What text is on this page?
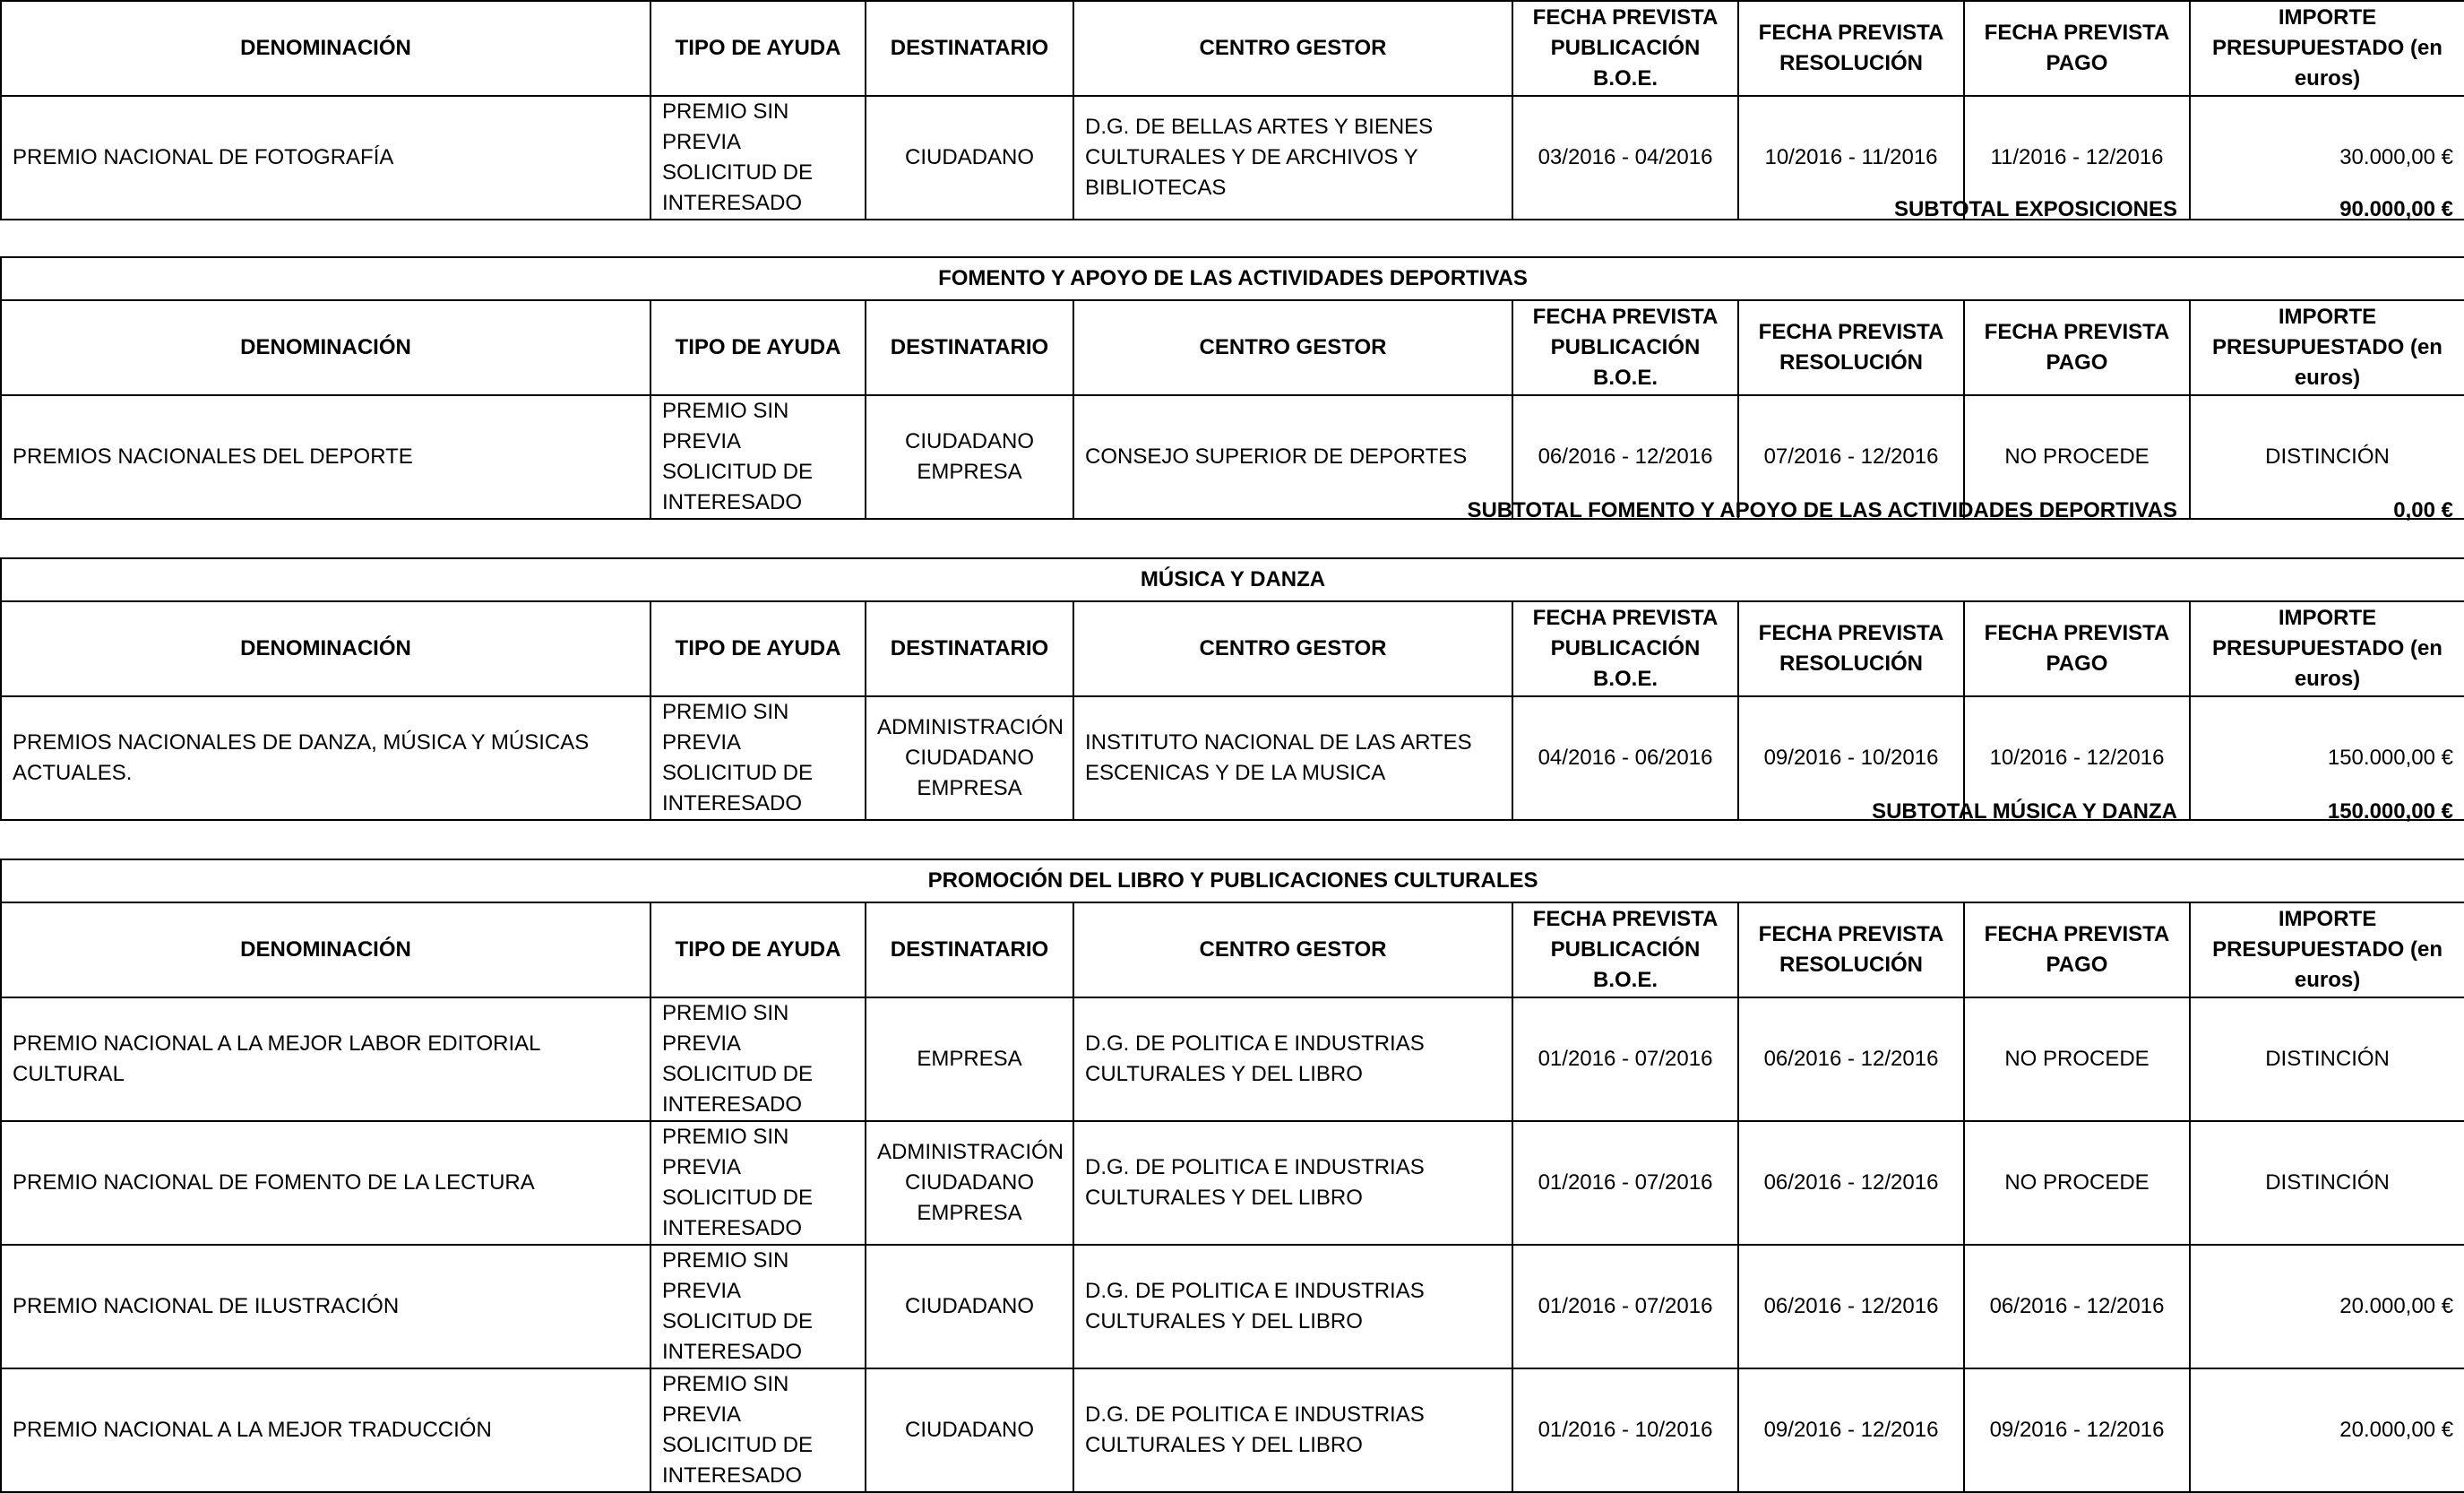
DENOMINACIÓN	TIPO DE AYUDA	DESTINATARIO	CENTRO GESTOR	FECHA PREVISTA PUBLICACIÓN B.O.E.	FECHA PREVISTA RESOLUCIÓN	FECHA PREVISTA PAGO	IMPORTE PRESUPUESTADO (en euros)
PREMIO NACIONAL DE FOTOGRAFÍA	PREMIO SIN PREVIA SOLICITUD DE INTERESADO	CIUDADANO	D.G. DE BELLAS ARTES Y BIENES CULTURALES Y DE ARCHIVOS Y BIBLIOTECAS	03/2016 - 04/2016	10/2016 - 11/2016	11/2016 - 12/2016	30.000,00 €
SUBTOTAL EXPOSICIONES	90.000,00 €
FOMENTO Y APOYO DE LAS ACTIVIDADES DEPORTIVAS							
DENOMINACIÓN	TIPO DE AYUDA	DESTINATARIO	CENTRO GESTOR	FECHA PREVISTA PUBLICACIÓN B.O.E.	FECHA PREVISTA RESOLUCIÓN	FECHA PREVISTA PAGO	IMPORTE PRESUPUESTADO (en euros)
PREMIOS NACIONALES DEL DEPORTE	PREMIO SIN PREVIA SOLICITUD DE INTERESADO	CIUDADANO EMPRESA	CONSEJO SUPERIOR DE DEPORTES	06/2016 - 12/2016	07/2016 - 12/2016	NO PROCEDE	DISTINCIÓN
SUBTOTAL FOMENTO Y APOYO DE LAS ACTIVIDADES DEPORTIVAS	0,00 €
MÚSICA Y DANZA							
DENOMINACIÓN	TIPO DE AYUDA	DESTINATARIO	CENTRO GESTOR	FECHA PREVISTA PUBLICACIÓN B.O.E.	FECHA PREVISTA RESOLUCIÓN	FECHA PREVISTA PAGO	IMPORTE PRESUPUESTADO (en euros)
PREMIOS NACIONALES DE DANZA, MÚSICA Y MÚSICAS ACTUALES.	PREMIO SIN PREVIA SOLICITUD DE INTERESADO	ADMINISTRACIÓN CIUDADANO EMPRESA	INSTITUTO NACIONAL DE LAS ARTES ESCENICAS Y DE LA MUSICA	04/2016 - 06/2016	09/2016 - 10/2016	10/2016 - 12/2016	150.000,00 €
SUBTOTAL MÚSICA Y DANZA	150.000,00 €
PROMOCIÓN DEL LIBRO Y PUBLICACIONES CULTURALES							
DENOMINACIÓN	TIPO DE AYUDA	DESTINATARIO	CENTRO GESTOR	FECHA PREVISTA PUBLICACIÓN B.O.E.	FECHA PREVISTA RESOLUCIÓN	FECHA PREVISTA PAGO	IMPORTE PRESUPUESTADO (en euros)
PREMIO NACIONAL A LA MEJOR LABOR EDITORIAL CULTURAL	PREMIO SIN PREVIA SOLICITUD DE INTERESADO	EMPRESA	D.G. DE POLITICA E INDUSTRIAS CULTURALES Y DEL LIBRO	01/2016 - 07/2016	06/2016 - 12/2016	NO PROCEDE	DISTINCIÓN
PREMIO NACIONAL DE FOMENTO DE LA LECTURA	PREMIO SIN PREVIA SOLICITUD DE INTERESADO	ADMINISTRACIÓN CIUDADANO EMPRESA	D.G. DE POLITICA E INDUSTRIAS CULTURALES Y DEL LIBRO	01/2016 - 07/2016	06/2016 - 12/2016	NO PROCEDE	DISTINCIÓN
PREMIO NACIONAL DE ILUSTRACIÓN	PREMIO SIN PREVIA SOLICITUD DE INTERESADO	CIUDADANO	D.G. DE POLITICA E INDUSTRIAS CULTURALES Y DEL LIBRO	01/2016 - 07/2016	06/2016 - 12/2016	06/2016 - 12/2016	20.000,00 €
PREMIO NACIONAL A LA MEJOR TRADUCCIÓN	PREMIO SIN PREVIA SOLICITUD DE INTERESADO	CIUDADANO	D.G. DE POLITICA E INDUSTRIAS CULTURALES Y DEL LIBRO	01/2016 - 10/2016	09/2016 - 12/2016	09/2016 - 12/2016	20.000,00 €
